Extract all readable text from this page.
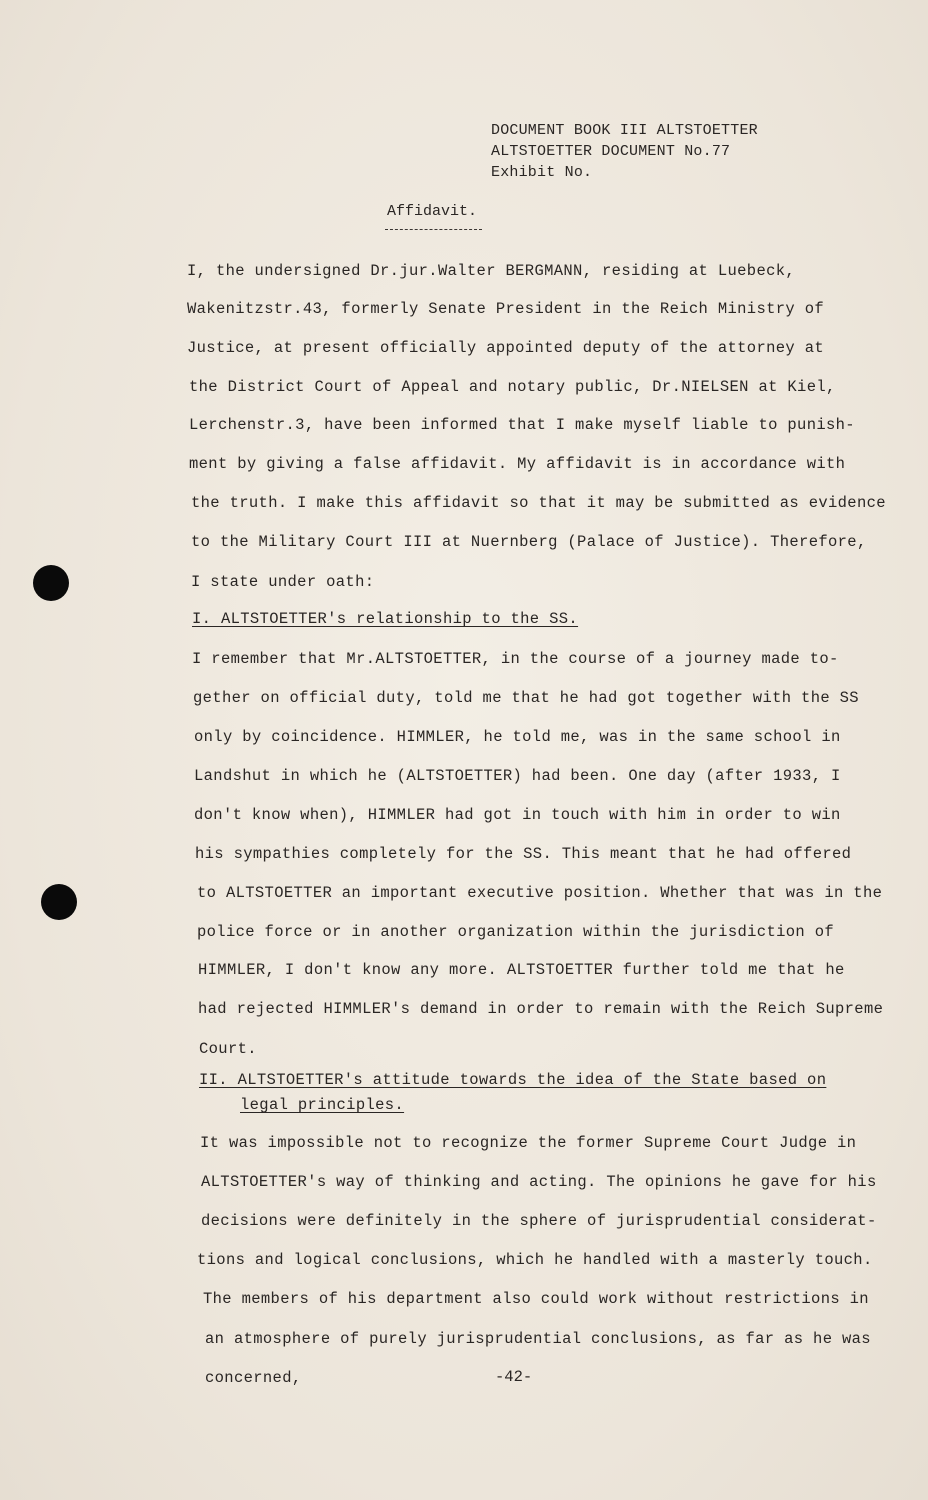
DOCUMENT BOOK III ALTSTOETTER
ALTSTOETTER DOCUMENT No.77
Exhibit No.
Affidavit.
I, the undersigned Dr.jur.Walter BERGMANN, residing at Luebeck,
Wakenitzstr.43, formerly Senate President in the Reich Ministry of
Justice, at present officially appointed deputy of the attorney at
the District Court of Appeal and notary public, Dr.NIELSEN at Kiel,
Lerchenstr.3, have been informed that I make myself liable to punish-
ment by giving a false affidavit. My affidavit is in accordance with
the truth. I make this affidavit so that it may be submitted as evidence
to the Military Court III at Nuernberg (Palace of Justice). Therefore,
I state under oath:
I. ALTSTOETTER's relationship to the SS.
I remember that Mr.ALTSTOETTER, in the course of a journey made to-
gether on official duty, told me that he had got together with the SS
only by coincidence. HIMMLER, he told me, was in the same school in
Landshut in which he (ALTSTOETTER) had been. One day (after 1933, I
don't know when), HIMMLER had got in touch with him in order to win
his sympathies completely for the SS. This meant that he had offered
to ALTSTOETTER an important executive position. Whether that was in the
police force or in another organization within the jurisdiction of
HIMMLER, I don't know any more. ALTSTOETTER further told me that he
had rejected HIMMLER's demand in order to remain with the Reich Supreme
Court.
II. ALTSTOETTER's attitude towards the idea of the State based on
legal principles.
It was impossible not to recognize the former Supreme Court Judge in
ALTSTOETTER's way of thinking and acting. The opinions he gave for his
decisions were definitely in the sphere of jurisprudential considerat-
tions and logical conclusions, which he handled with a masterly touch.
The members of his department also could work without restrictions in
an atmosphere of purely jurisprudential conclusions, as far as he was
concerned,	-42-
